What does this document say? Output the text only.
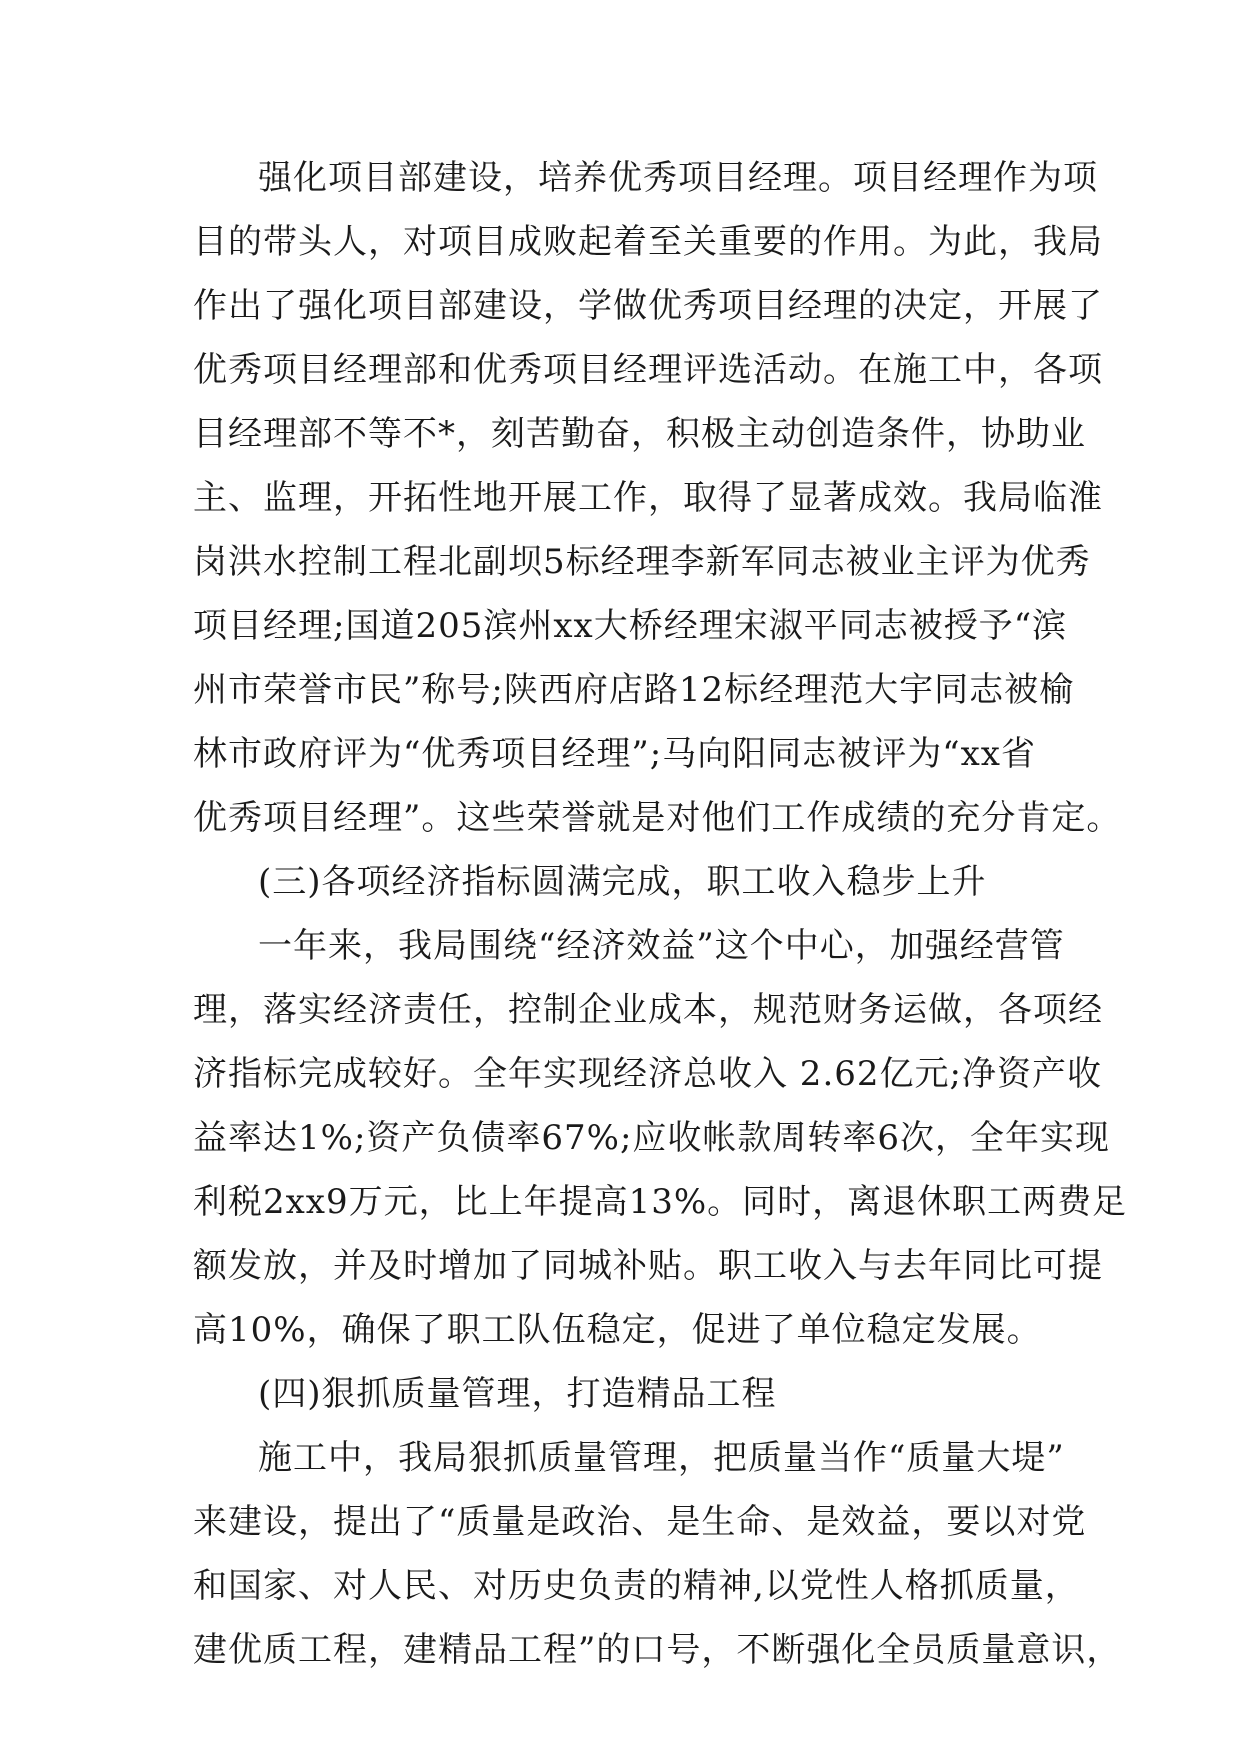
强化项目部建设，培养优秀项目经理。项目经理作为项
目的带头人，对项目成败起着至关重要的作用。为此，我局
作出了强化项目部建设，学做优秀项目经理的决定，开展了
优秀项目经理部和优秀项目经理评选活动。在施工中，各项
目经理部不等不*，刻苦勤奋，积极主动创造条件，协助业
主、监理，开拓性地开展工作，取得了显著成效。我局临淮
岗洪水控制工程北副坝5标经理李新军同志被业主评为优秀
项目经理;国道205滨州xx大桥经理宋淑平同志被授予“滨
州市荣誉市民”称号;陕西府店路12标经理范大宇同志被榆
林市政府评为“优秀项目经理”;马向阳同志被评为“xx省
优秀项目经理”。这些荣誉就是对他们工作成绩的充分肯定。
(三)各项经济指标圆满完成，职工收入稳步上升
一年来，我局围绕“经济效益”这个中心，加强经营管
理，落实经济责任，控制企业成本，规范财务运做，各项经
济指标完成较好。全年实现经济总收入 2.62亿元;净资产收
益率达1%;资产负债率67%;应收帐款周转率6次，全年实现
利税2xx9万元，比上年提高13%。同时，离退休职工两费足
额发放，并及时增加了同城补贴。职工收入与去年同比可提
高10%，确保了职工队伍稳定，促进了单位稳定发展。
(四)狠抓质量管理，打造精品工程
施工中，我局狠抓质量管理，把质量当作“质量大堤”
来建设，提出了“质量是政治、是生命、是效益，要以对党
和国家、对人民、对历史负责的精神,以党性人格抓质量，
建优质工程，建精品工程”的口号，不断强化全员质量意识，
